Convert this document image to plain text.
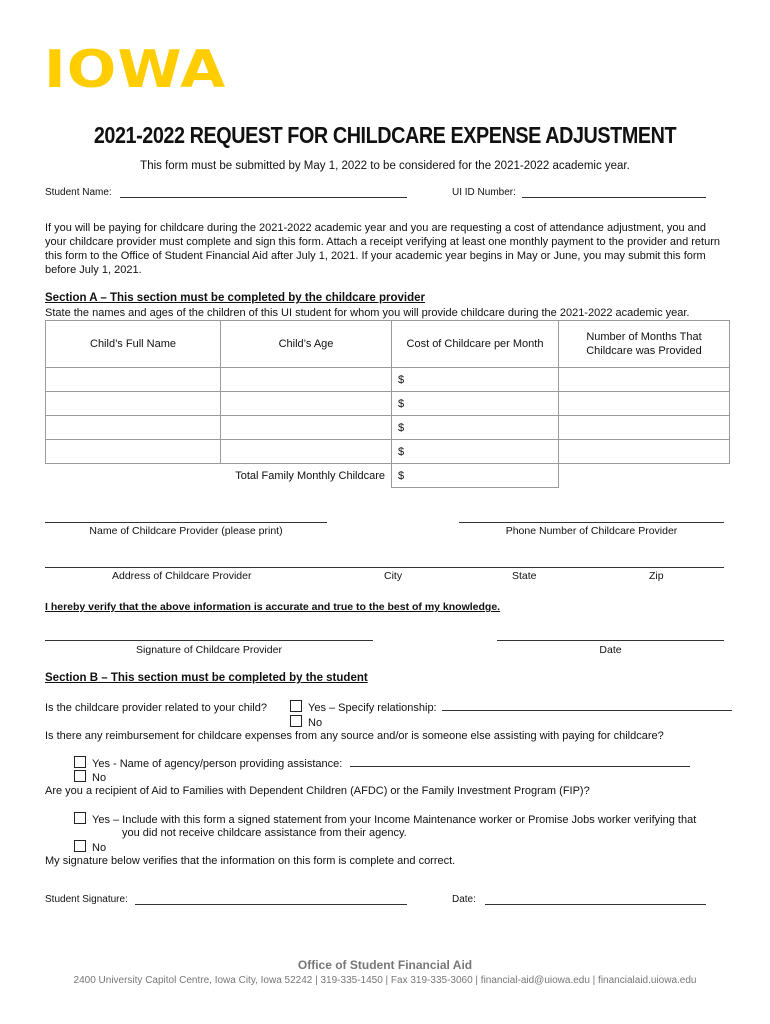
IOWA
2021-2022 REQUEST FOR CHILDCARE EXPENSE ADJUSTMENT
This form must be submitted by May 1, 2022 to be considered for the 2021-2022 academic year.
Student Name:	UI ID Number:
If you will be paying for childcare during the 2021-2022 academic year and you are requesting a cost of attendance adjustment, you and your childcare provider must complete and sign this form. Attach a receipt verifying at least one monthly payment to the provider and return this form to the Office of Student Financial Aid after July 1, 2021. If your academic year begins in May or June, you may submit this form before July 1, 2021.
Section A – This section must be completed by the childcare provider
State the names and ages of the children of this UI student for whom you will provide childcare during the 2021-2022 academic year.
Child’s Full Name	Child’s Age	Cost of Childcare per Month	Number of Months That Childcare was Provided
		$	
		$	
		$	
		$	
Total Family Monthly Childcare		$	
Name of Childcare Provider (please print)	Phone Number of Childcare Provider
Address of Childcare Provider	City	State	Zip
I hereby verify that the above information is accurate and true to the best of my knowledge.
Signature of Childcare Provider	Date
Section B – This section must be completed by the student
Is the childcare provider related to your child?	Yes – Specify relationship:
No
Is there any reimbursement for childcare expenses from any source and/or is someone else assisting with paying for childcare?
Yes - Name of agency/person providing assistance:
No
Are you a recipient of Aid to Families with Dependent Children (AFDC) or the Family Investment Program (FIP)?
Yes – Include with this form a signed statement from your Income Maintenance worker or Promise Jobs worker verifying that
you did not receive childcare assistance from their agency.
No
My signature below verifies that the information on this form is complete and correct.
Student Signature:	Date:
Office of Student Financial Aid
2400 University Capitol Centre, Iowa City, Iowa 52242 | 319-335-1450 | Fax 319-335-3060 | financial-aid@uiowa.edu | financialaid.uiowa.edu
